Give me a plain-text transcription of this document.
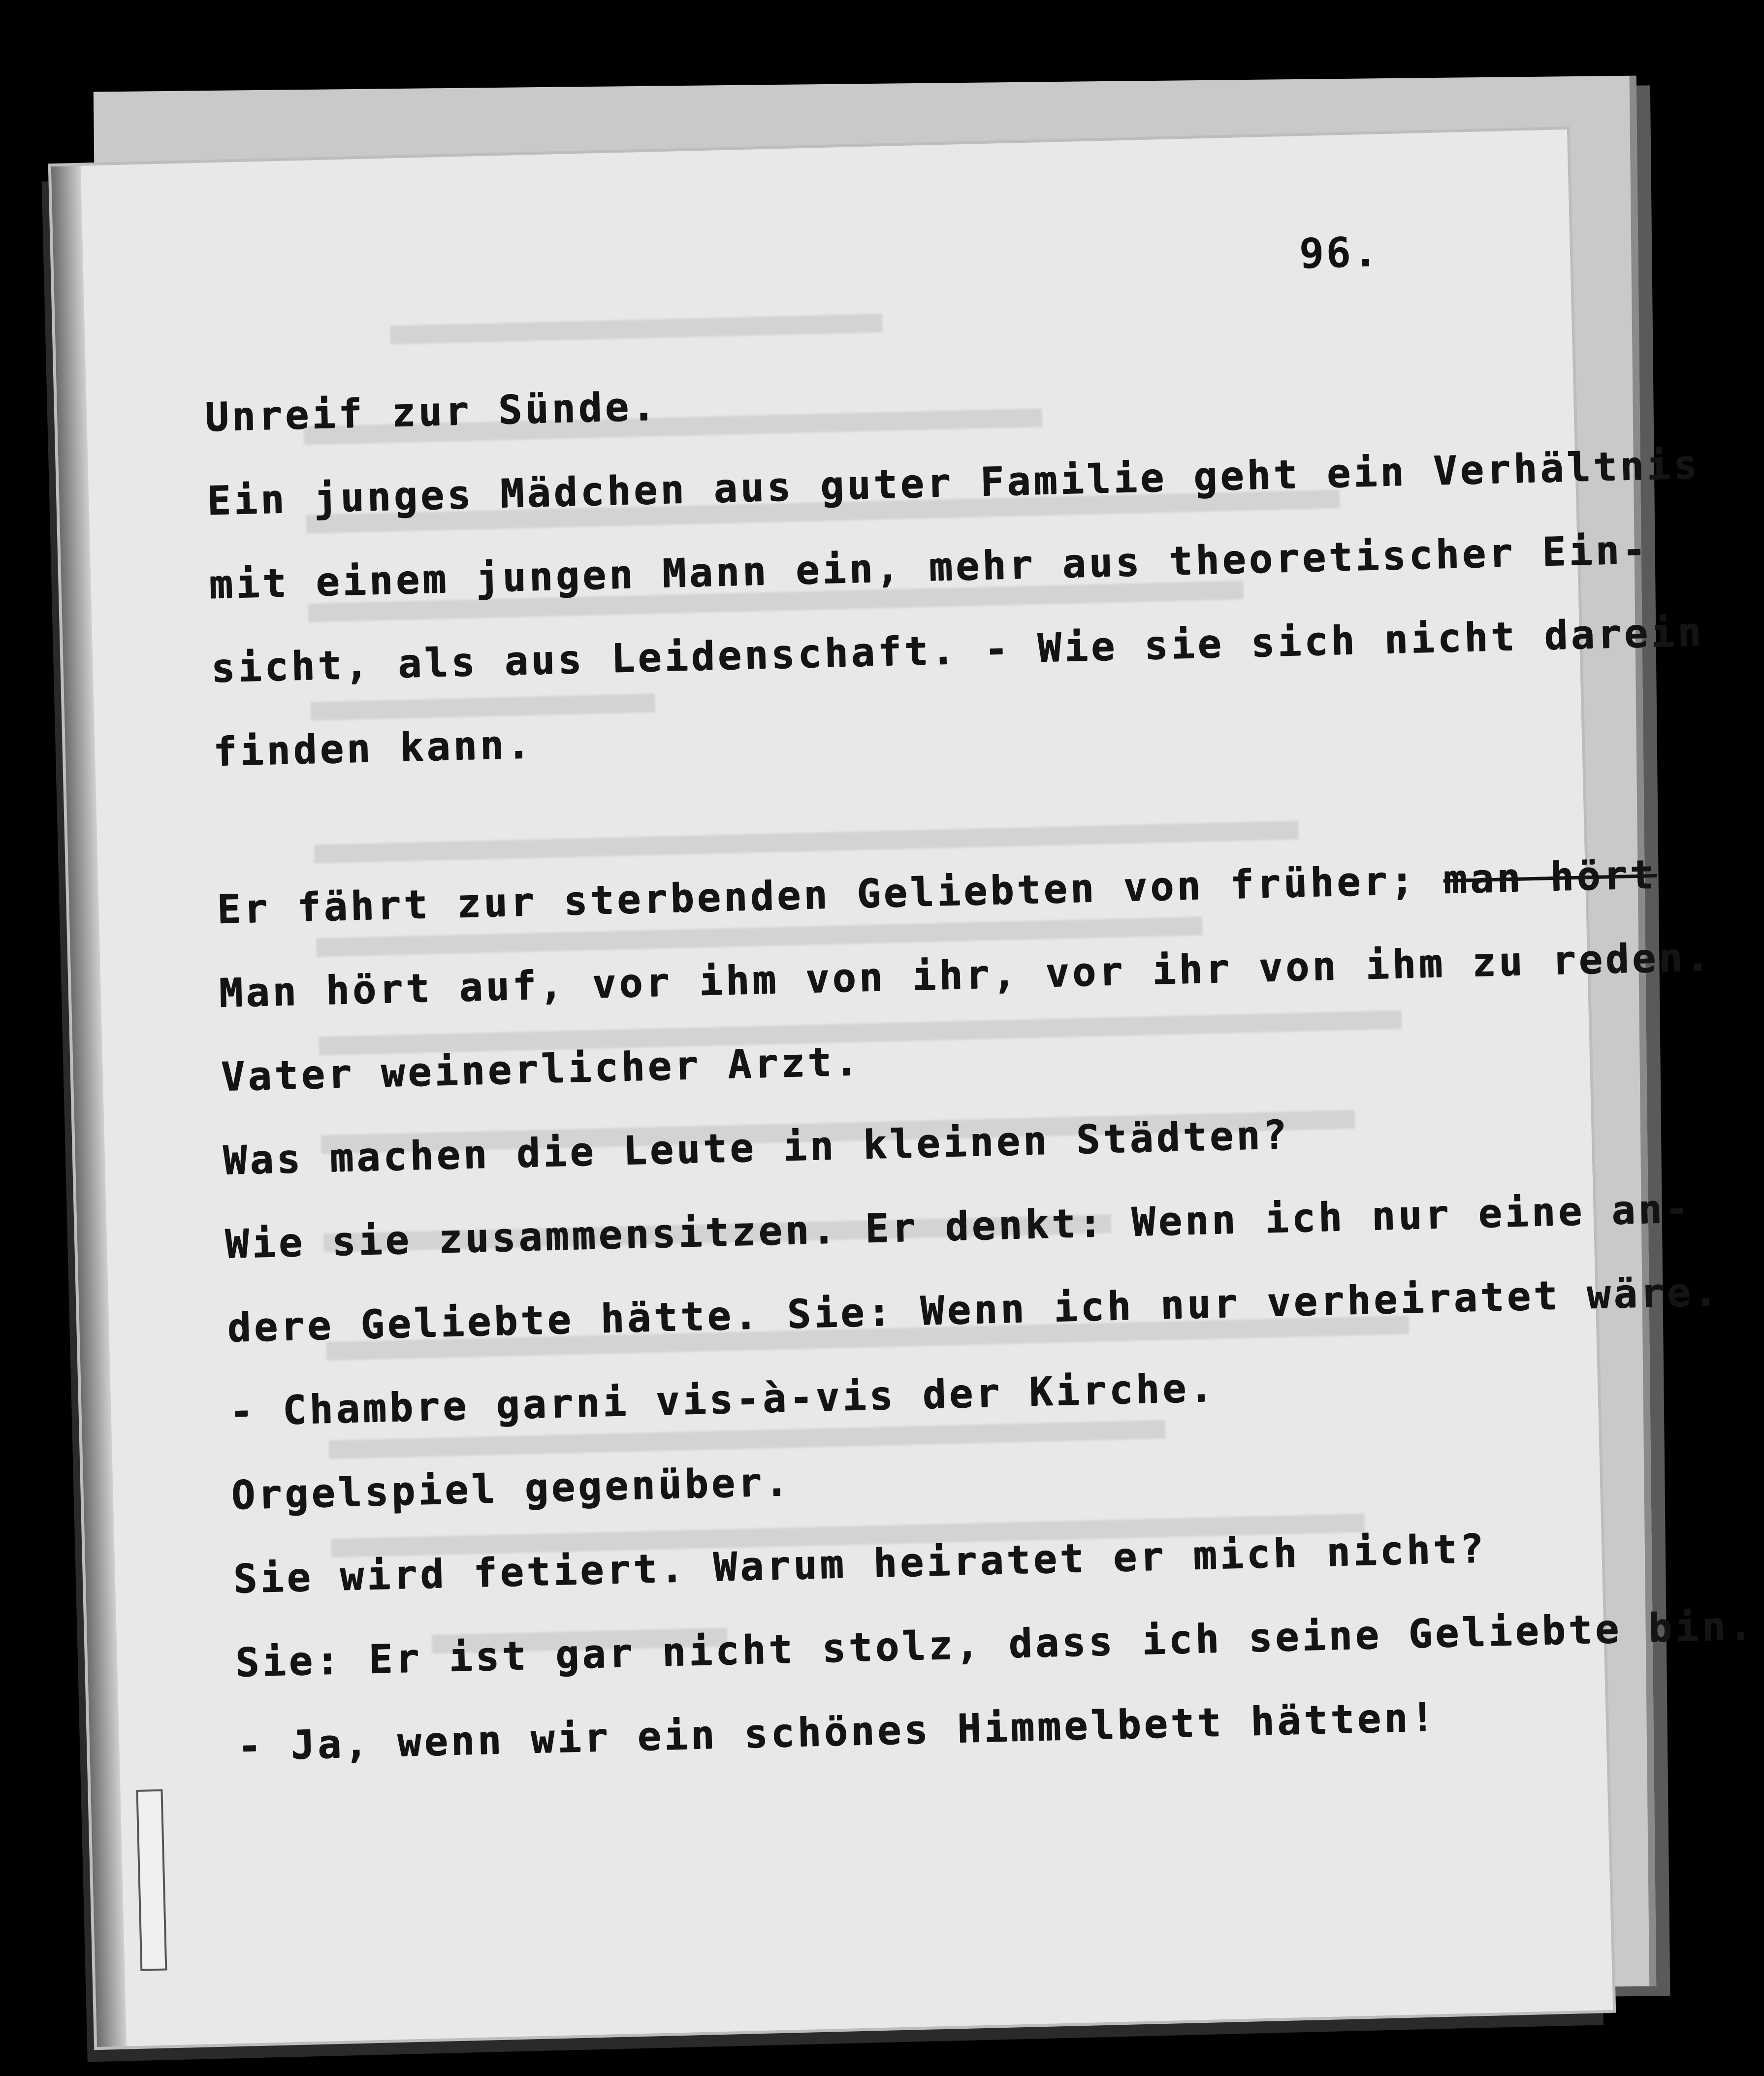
96.
Unreif zur Sünde.
Ein junges Mädchen aus guter Familie geht ein Verhältnis
mit einem jungen Mann ein, mehr aus theoretischer Ein-
sicht, als aus Leidenschaft. - Wie sie sich nicht darein
finden kann.
Er fährt zur sterbenden Geliebten von früher; man hört
Man hört auf, vor ihm von ihr, vor ihr von ihm zu reden.
Vater weinerlicher Arzt.
Was machen die Leute in kleinen Städten?
Wie sie zusammensitzen. Er denkt: Wenn ich nur eine an-
dere Geliebte hätte. Sie: Wenn ich nur verheiratet wäre.
- Chambre garni vis-à-vis der Kirche.
Orgelspiel gegenüber.
Sie wird fetiert. Warum heiratet er mich nicht?
Sie: Er ist gar nicht stolz, dass ich seine Geliebte bin.
- Ja, wenn wir ein schönes Himmelbett hätten!
